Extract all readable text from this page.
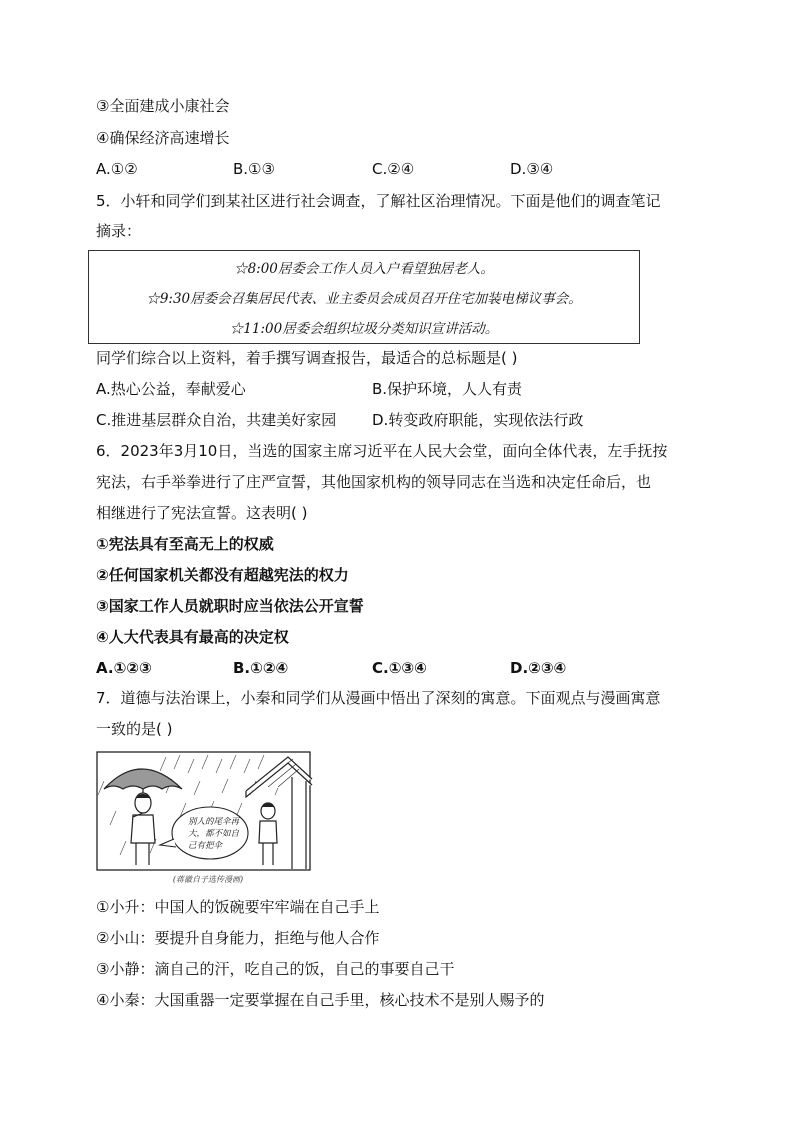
③全面建成小康社会
④确保经济高速增长
A.①②	B.①③	C.②④	D.③④
5．小轩和同学们到某社区进行社会调查，了解社区治理情况。下面是他们的调查笔记
摘录：
☆8:00居委会工作人员入户看望独居老人。
☆9:30居委会召集居民代表、业主委员会成员召开住宅加装电梯议事会。
☆11:00居委会组织垃圾分类知识宣讲活动。
同学们综合以上资料，着手撰写调查报告，最适合的总标题是( )
A.热心公益，奉献爱心	B.保护环境，人人有责
C.推进基层群众自治，共建美好家园 D.转变政府职能，实现依法行政
6．2023年3月10日，当选的国家主席习近平在人民大会堂，面向全体代表，左手抚按
宪法，右手举拳进行了庄严宣誓，其他国家机构的领导同志在当选和决定任命后，也
相继进行了宪法宣誓。这表明( )
①宪法具有至高无上的权威
②任何国家机关都没有超越宪法的权力
③国家工作人员就职时应当依法公开宣誓
④人大代表具有最高的决定权
A.①②③	B.①②④	C.①③④	D.②③④
7．道德与法治课上，小秦和同学们从漫画中悟出了深刻的寓意。下面观点与漫画寓意
一致的是( )
别人的尾伞再
大，都不如自
己有把伞
(蒋徽自子选传漫画)
①小升：中国人的饭碗要牢牢端在自己手上
②小山：要提升自身能力，拒绝与他人合作
③小静：滴自己的汗，吃自己的饭，自己的事要自己干
④小秦：大国重器一定要掌握在自己手里，核心技术不是别人赐予的
